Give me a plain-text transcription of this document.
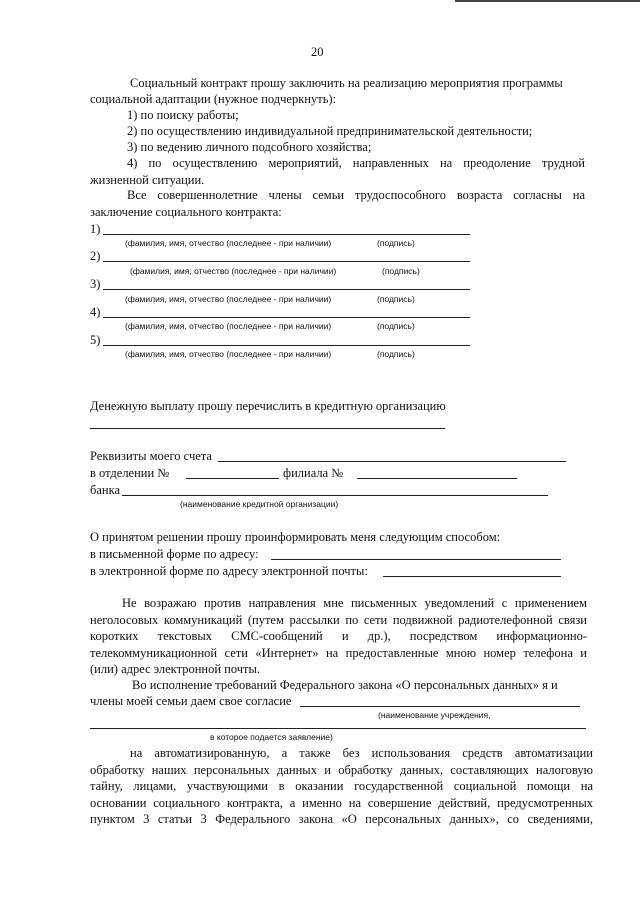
20
Социальный контракт прошу заключить на реализацию мероприятия программы
социальной адаптации (нужное подчеркнуть):
1) по поиску работы;
2) по осуществлению индивидуальной предпринимательской деятельности;
3) по ведению личного подсобного хозяйства;
4) по осуществлению мероприятий, направленных на преодоление трудной
жизненной ситуации.
Все совершеннолетние члены семьи трудоспособного возраста согласны на
заключение социального контракта:
1)
(фамилия, имя, отчество (последнее - при наличии)	(подпись)
2)
(фамилия, имя, отчество (последнее - при наличии)	(подпись)
3)
(фамилия, имя, отчество (последнее - при наличии)	(подпись)
4)
(фамилия, имя, отчество (последнее - при наличии)	(подпись)
5)
(фамилия, имя, отчество (последнее - при наличии)	(подпись)
Денежную выплату прошу перечислить в кредитную организацию
Реквизиты моего счета
в отделении №	филиала №
банка
(наименование кредитной организации)
О принятом решении прошу проинформировать меня следующим способом:
в письменной форме по адресу:
в электронной форме по адресу электронной почты:
Не возражаю против направления мне письменных уведомлений с применением
неголосовых коммуникаций (путем рассылки по сети подвижной радиотелефонной связи
коротких текстовых СМС-сообщений и др.), посредством информационно-
телекоммуникационной сети «Интернет» на предоставленные мною номер телефона и
(или) адрес электронной почты.
Во исполнение требований Федерального закона «О персональных данных» я и
члены моей семьи даем свое согласие
(наименование учреждения,
в которое подается заявление)
на автоматизированную, а также без использования средств автоматизации
обработку наших персональных данных и обработку данных, составляющих налоговую
тайну, лицами, участвующими в оказании государственной социальной помощи на
основании социального контракта, а именно на совершение действий, предусмотренных
пунктом 3 статьи 3 Федерального закона «О персональных данных», со сведениями,
